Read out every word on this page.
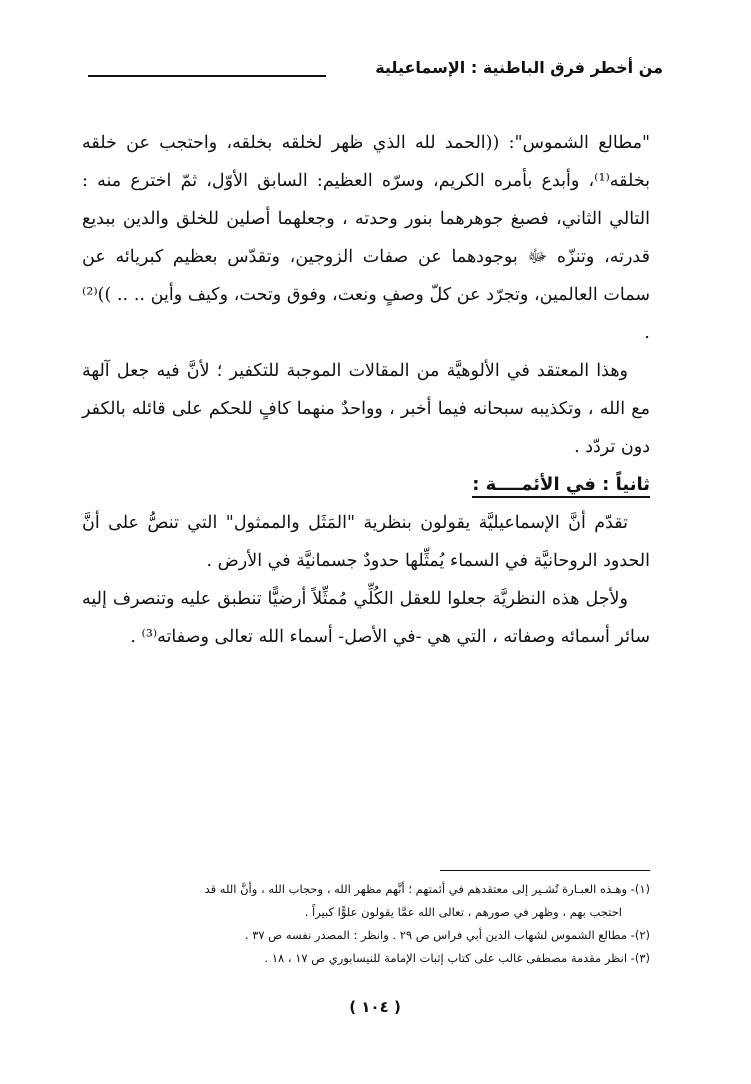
من أخطر فرق الباطنية : الإسماعيلية

"مطالع الشموس": ((الحمد لله الذي ظهر لخلقه بخلقه، واحتجب عن خلقه بخلقه⁽¹⁾، وأبدع بأمره الكريم، وسرّه العظيم: السابق الأوّل، ثمّ اخترع منه : التالي الثاني، فصبغ جوهرهما بنور وحدته ، وجعلهما أصلين للخلق والدين ببديع قدرته، وتنزّه ﷻ بوجودهما عن صفات الزوجين، وتقدّس بعظيم كبريائه عن سمات العالمين، وتجرّد عن كلّ وصفٍ ونعت، وفوق وتحت، وكيف وأين .. .. ))⁽²⁾ .

وهذا المعتقد في الألوهيَّة من المقالات الموجبة للتكفير ؛ لأنَّ فيه جعل آلهة مع الله ، وتكذيبه سبحانه فيما أخبر ، وواحدٌ منهما كافٍ للحكم على قائله بالكفر دون تردّد .

ثانياً : في الأئمــــة :

تقدّم أنَّ الإسماعيليَّة يقولون بنظرية "المَثَل والممثول" التي تنصُّ على أنَّ الحدود الروحانيَّة في السماء يُمثِّلها حدودٌ جسمانيَّة في الأرض .

ولأجل هذه النظريَّة جعلوا للعقل الكُلِّي مُمثِّلاً أرضيًّا تنطبق عليه وتنصرف إليه سائر أسمائه وصفاته ، التي هي -في الأصل- أسماء الله تعالى وصفاته⁽³⁾ .

(١)- وهـذه العبـارة تُشـير إلى معتقدهم في أئمتهم ؛ أنَّهم مظهر الله ، وحجاب الله ، وأنَّ الله قد

احتجب بهم ، وظهر في صورهم ، تعالى الله عمَّا يقولون علوًّا كبيراً .

(٢)- مطالع الشموس لشهاب الدين أبي فراس ص ٢٩ . وانظر : المصدر نفسه ص ٣٧ .

(٣)- انظر مقدمة مصطفى غالب على كتاب إثبات الإمامة للنيسابوري ص ١٧ ، ١٨ .

( ١٠٤ )
